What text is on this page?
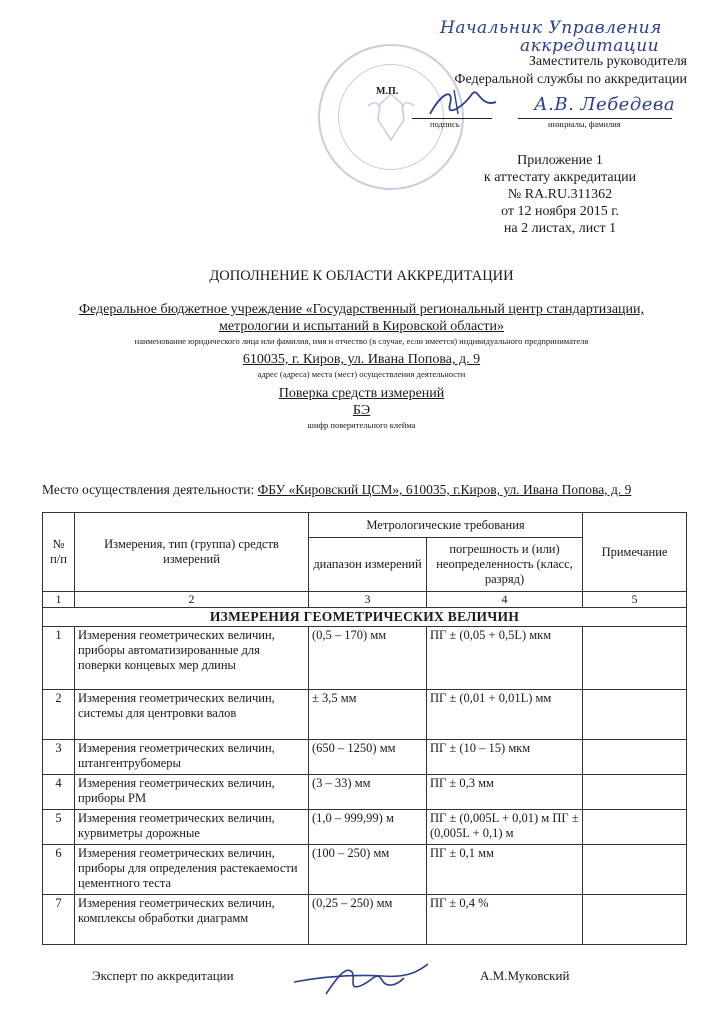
Начальник Управления
аккредитации
Заместитель руководителя
Федеральной службы по аккредитации
М.П.
подпись
А.В. Лебедева
инициалы, фамилия
Приложение 1
к аттестату аккредитации
№ RA.RU.311362
от 12 ноября 2015 г.
на 2 листах, лист 1
ДОПОЛНЕНИЕ К ОБЛАСТИ АККРЕДИТАЦИИ
Федеральное бюджетное учреждение «Государственный региональный центр стандартизации,
метрологии и испытаний в Кировской области»
наименование юридического лица или фамилия, имя и отчество (в случае, если имеется) индивидуального предпринимателя
610035, г. Киров, ул. Ивана Попова, д. 9
адрес (адреса) места (мест) осуществления деятельности
Поверка средств измерений
БЭ
шифр поверительного клейма
Место осуществления деятельности: ФБУ «Кировский ЦСМ», 610035, г.Киров, ул. Ивана Попова, д. 9
№ п/п	Измерения, тип (группа) средств измерений	Метрологические требования		Примечание
		диапазон измерений	погрешность и (или) неопределенность (класс, разряд)	
1	2	3	4	5
ИЗМЕРЕНИЯ ГЕОМЕТРИЧЕСКИХ ВЕЛИЧИН				
1	Измерения геометрических величин, приборы автоматизированные для поверки концевых мер длины	(0,5 – 170) мм	ПГ ± (0,05 + 0,5L) мкм	
2	Измерения геометрических величин, системы для центровки валов	± 3,5 мм	ПГ ± (0,01 + 0,01L) мм	
3	Измерения геометрических величин, штангентрубомеры	(650 – 1250) мм	ПГ ± (10 – 15) мкм	
4	Измерения геометрических величин, приборы РМ	(3 – 33) мм	ПГ ± 0,3 мм	
5	Измерения геометрических величин, курвиметры дорожные	(1,0 – 999,99) м	ПГ ± (0,005L + 0,01) м ПГ ± (0,005L + 0,1) м	
6	Измерения геометрических величин, приборы для определения растекаемости цементного теста	(100 – 250) мм	ПГ ± 0,1 мм	
7	Измерения геометрических величин, комплексы обработки диаграмм	(0,25 – 250) мм	ПГ ± 0,4 %	
Эксперт по аккредитации	А.М.Муковский
